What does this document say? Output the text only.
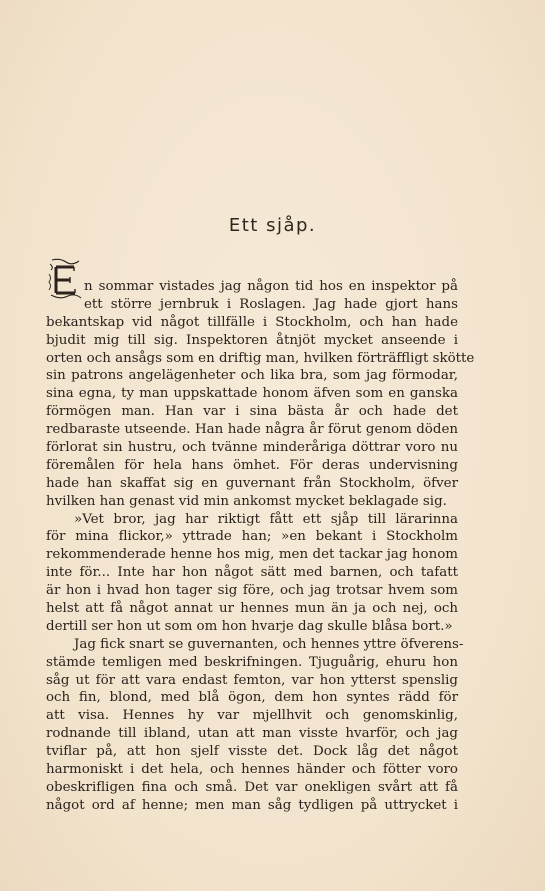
Ett sjåp.
n sommar vistades jag någon tid hos en inspektor på
ett större jernbruk i Roslagen. Jag hade gjort hans
bekantskap vid något tillfälle i Stockholm, och han hade
bjudit mig till sig. Inspektoren åtnjöt mycket anseende i
orten och ansågs som en driftig man, hvilken förträffligt skötte
sin patrons angelägenheter och lika bra, som jag förmodar,
sina egna, ty man uppskattade honom äfven som en ganska
förmögen man. Han var i sina bästa år och hade det
redbaraste utseende. Han hade några år förut genom döden
förlorat sin hustru, och tvänne minderåriga döttrar voro nu
föremålen för hela hans ömhet. För deras undervisning
hade han skaffat sig en guvernant från Stockholm, öfver
hvilken han genast vid min ankomst mycket beklagade sig.
»Vet bror, jag har riktigt fått ett sjåp till lärarinna
för mina flickor,» yttrade han; »en bekant i Stockholm
rekommenderade henne hos mig, men det tackar jag honom
inte för... Inte har hon något sätt med barnen, och tafatt
är hon i hvad hon tager sig före, och jag trotsar hvem som
helst att få något annat ur hennes mun än ja och nej, och
dertill ser hon ut som om hon hvarje dag skulle blåsa bort.»
Jag fick snart se guvernanten, och hennes yttre öfverens-
stämde temligen med beskrifningen. Tjuguårig, ehuru hon
såg ut för att vara endast femton, var hon ytterst spenslig
och fin, blond, med blå ögon, dem hon syntes rädd för
att visa. Hennes hy var mjellhvit och genomskinlig,
rodnande till ibland, utan att man visste hvarför, och jag
tviflar på, att hon sjelf visste det. Dock låg det något
harmoniskt i det hela, och hennes händer och fötter voro
obeskrifligen fina och små. Det var onekligen svårt att få
något ord af henne; men man såg tydligen på uttrycket i
